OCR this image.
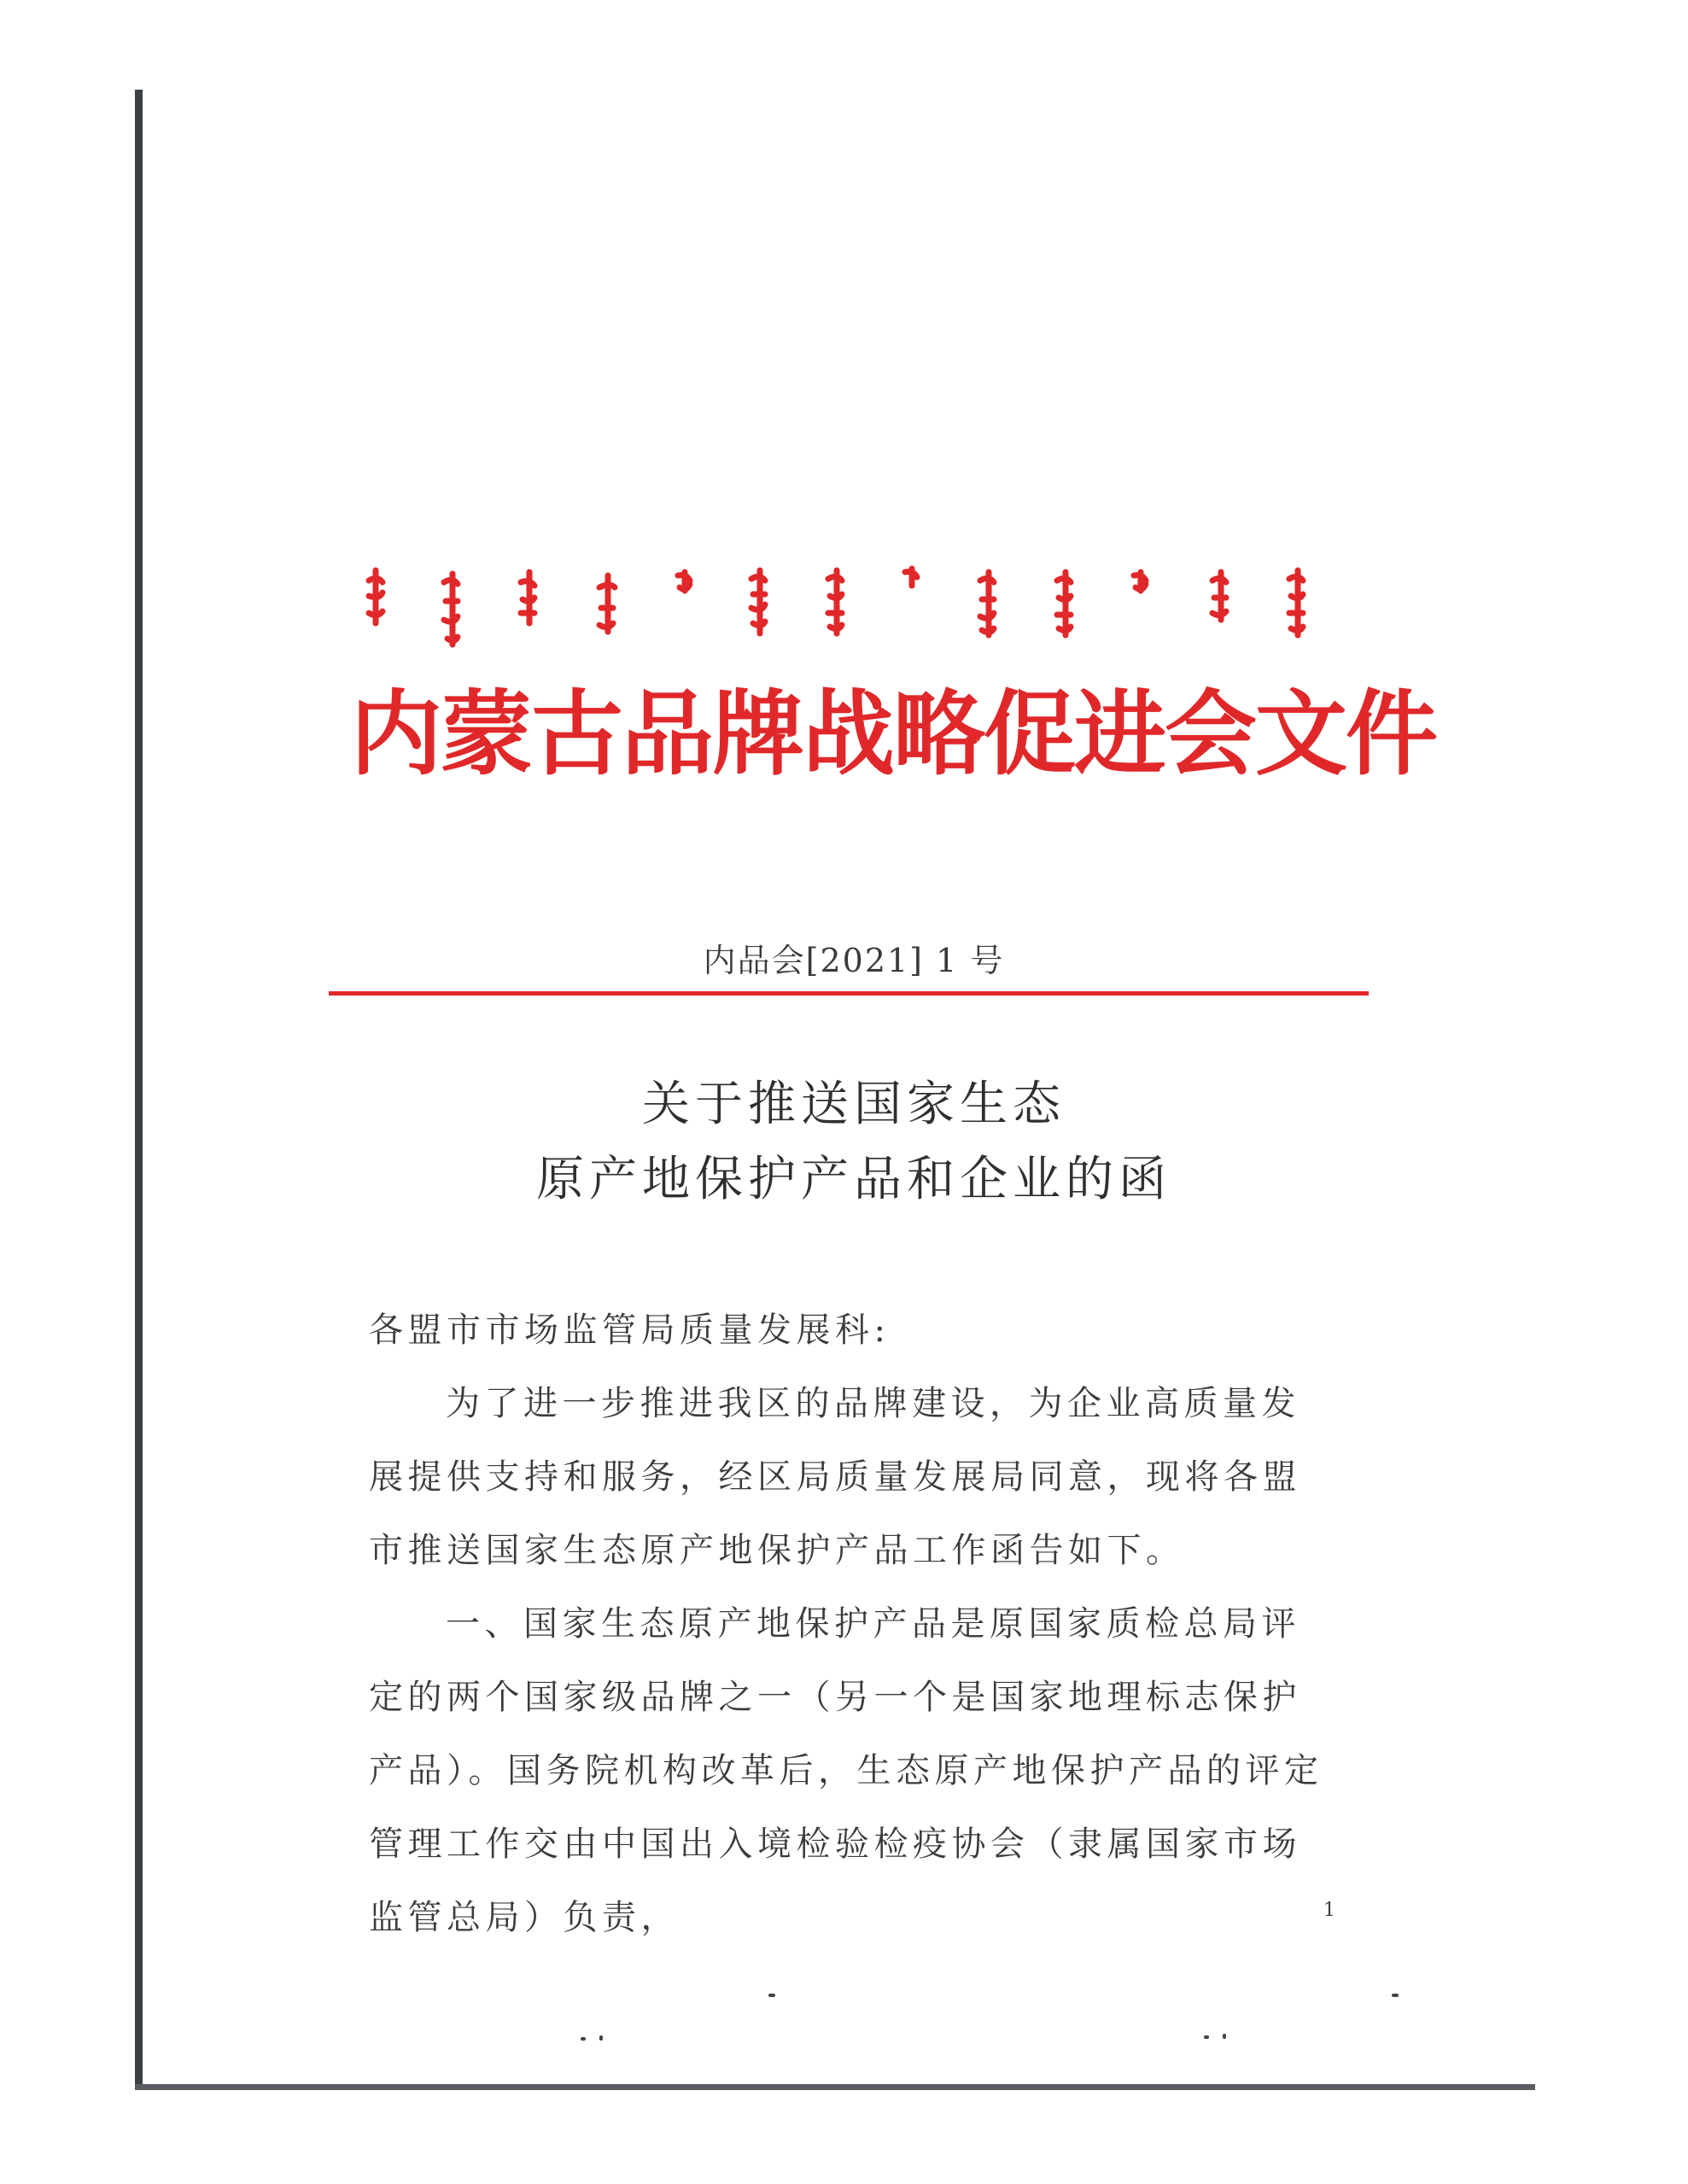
内蒙古品牌战略促进会文件
内品会[2021] 1 号
关于推送国家生态
原产地保护产品和企业的函

各盟市市场监管局质量发展科:

为了进一步推进我区的品牌建设，为企业高质量发展提供支持和服务，经区局质量发展局同意，现将各盟市推送国家生态原产地保护产品工作函告如下。

一、国家生态原产地保护产品是原国家质检总局评定的两个国家级品牌之一（另一个是国家地理标志保护产品）。国务院机构改革后，生态原产地保护产品的评定管理工作交由中国出入境检验检疫协会（隶属国家市场监管总局）负责，	1
